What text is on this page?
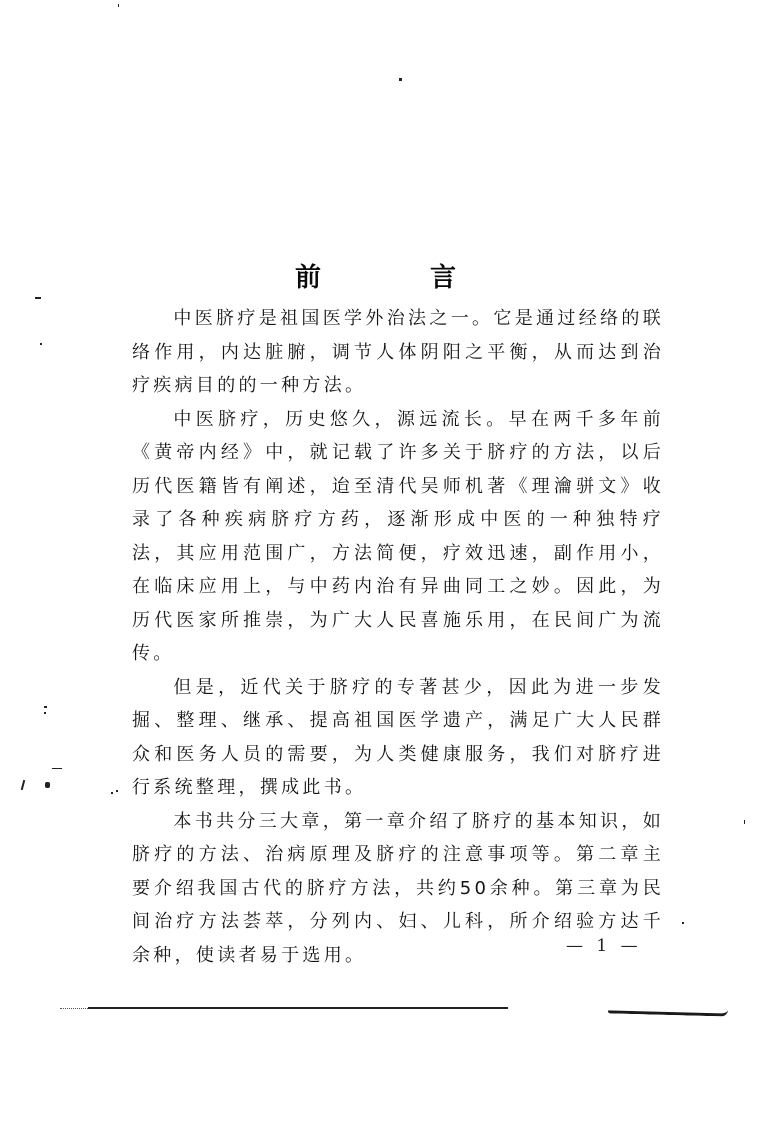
前 言

中医脐疗是祖国医学外治法之一。它是通过经络的联络作用，内达脏腑，调节人体阴阳之平衡，从而达到治疗疾病目的的一种方法。

中医脐疗，历史悠久，源远流长。早在两千多年前《黄帝内经》中，就记载了许多关于脐疗的方法，以后历代医籍皆有阐述，迨至清代吴师机著《理瀹骈文》收录了各种疾病脐疗方药，逐渐形成中医的一种独特疗法，其应用范围广，方法简便，疗效迅速，副作用小，在临床应用上，与中药内治有异曲同工之妙。因此，为历代医家所推崇，为广大人民喜施乐用，在民间广为流传。

但是，近代关于脐疗的专著甚少，因此为进一步发掘、整理、继承、提高祖国医学遗产，满足广大人民群众和医务人员的需要，为人类健康服务，我们对脐疗进行系统整理，撰成此书。

本书共分三大章，第一章介绍了脐疗的基本知识，如脐疗的方法、治病原理及脐疗的注意事项等。第二章主要介绍我国古代的脐疗方法，共约50余种。第三章为民间治疗方法荟萃，分列内、妇、儿科，所介绍验方达千余种，使读者易于选用。	— 1 —
